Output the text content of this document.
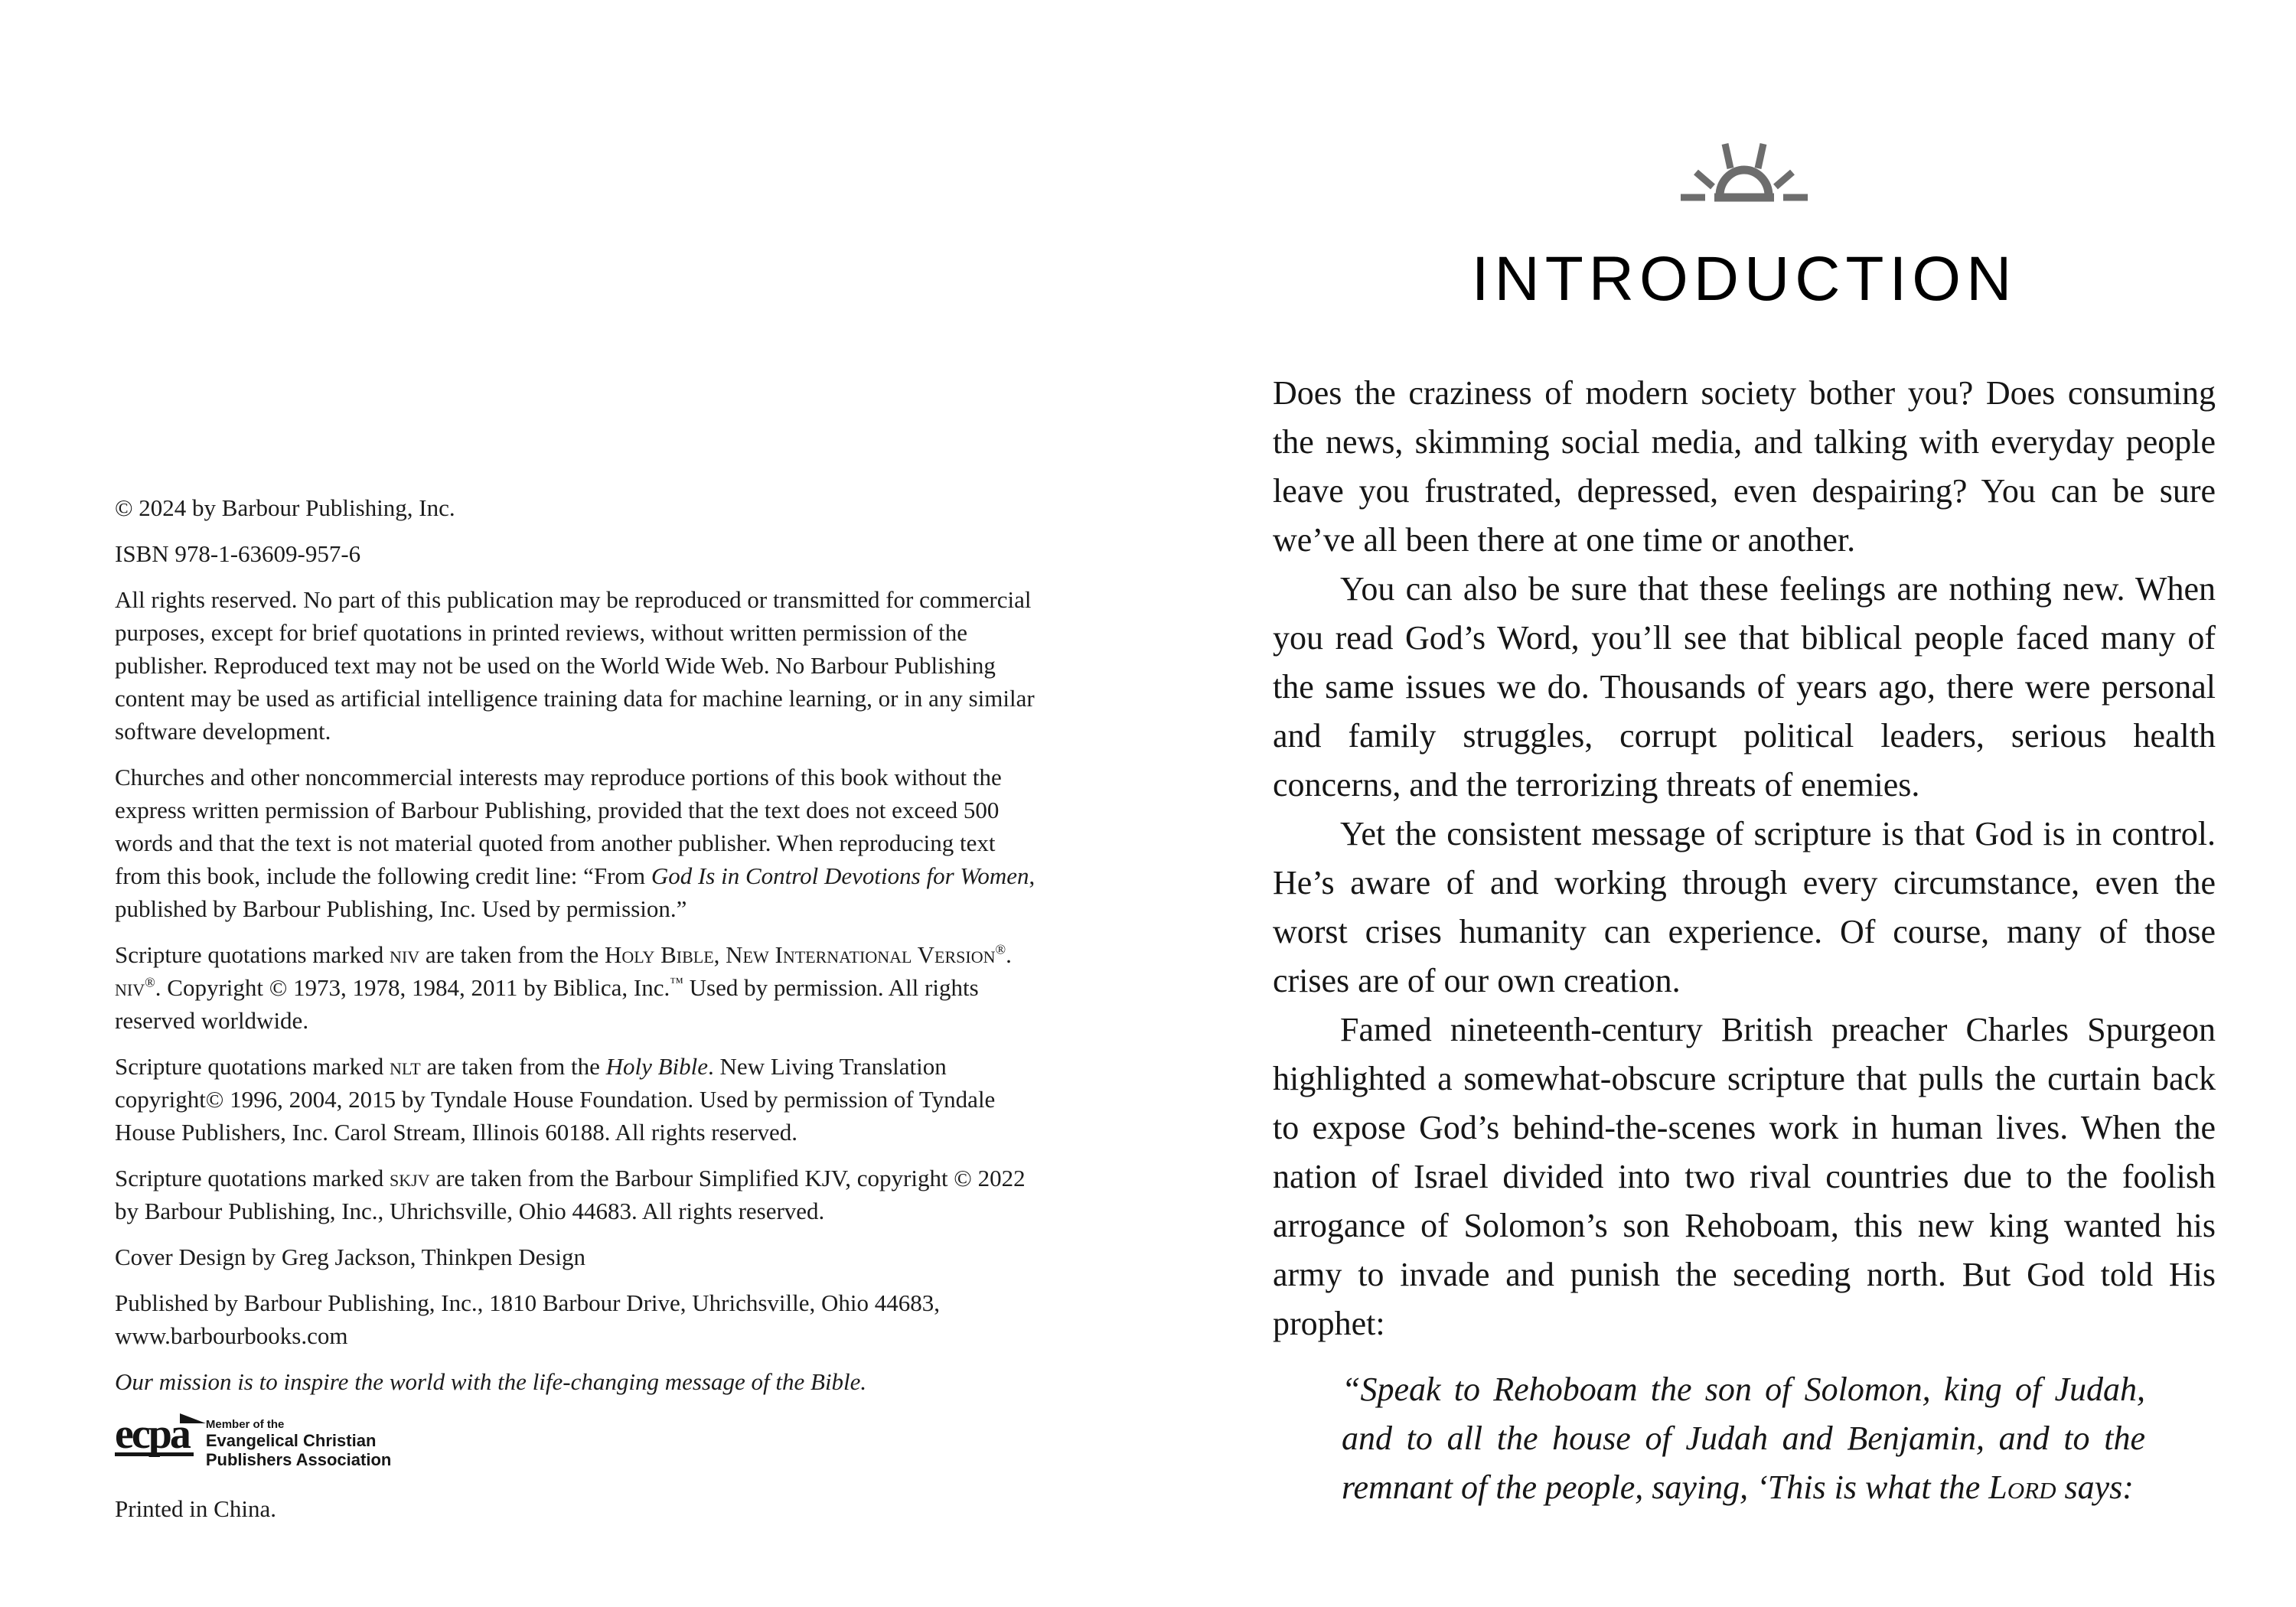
© 2024 by Barbour Publishing, Inc.

ISBN 978-1-63609-957-6

All rights reserved. No part of this publication may be reproduced or transmitted for commercial purposes, except for brief quotations in printed reviews, without written permission of the publisher. Reproduced text may not be used on the World Wide Web. No Barbour Publishing content may be used as artificial intelligence training data for machine learning, or in any similar software development.

Churches and other noncommercial interests may reproduce portions of this book without the express written permission of Barbour Publishing, provided that the text does not exceed 500 words and that the text is not material quoted from another publisher. When reproducing text from this book, include the following credit line: “From God Is in Control Devotions for Women, published by Barbour Publishing, Inc. Used by permission.”

Scripture quotations marked niv are taken from the Holy Bible, New International Version®. niv®. Copyright © 1973, 1978, 1984, 2011 by Biblica, Inc.™ Used by permission. All rights reserved worldwide.

Scripture quotations marked nlt are taken from the Holy Bible. New Living Translation copyright© 1996, 2004, 2015 by Tyndale House Foundation. Used by permission of Tyndale House Publishers, Inc. Carol Stream, Illinois 60188. All rights reserved.

Scripture quotations marked skjv are taken from the Barbour Simplified KJV, copyright © 2022 by Barbour Publishing, Inc., Uhrichsville, Ohio 44683. All rights reserved.

Cover Design by Greg Jackson, Thinkpen Design

Published by Barbour Publishing, Inc., 1810 Barbour Drive, Uhrichsville, Ohio 44683, www.barbourbooks.com

Our mission is to inspire the world with the life-changing message of the Bible.

ecpa	Member of the
Evangelical Christian
Publishers Association

Printed in China.

INTRODUCTION

Does the craziness of modern society bother you? Does consuming the news, skimming social media, and talking with everyday people leave you frustrated, depressed, even despairing? You can be sure we’ve all been there at one time or another.

You can also be sure that these feelings are nothing new. When you read God’s Word, you’ll see that biblical people faced many of the same issues we do. Thousands of years ago, there were personal and family struggles, corrupt political leaders, serious health concerns, and the terrorizing threats of enemies.

Yet the consistent message of scripture is that God is in control. He’s aware of and working through every circumstance, even the worst crises humanity can experience. Of course, many of those crises are of our own creation.

Famed nineteenth-century British preacher Charles Spurgeon highlighted a somewhat-obscure scripture that pulls the curtain back to expose God’s behind-the-scenes work in human lives. When the nation of Israel divided into two rival countries due to the foolish arrogance of Solomon’s son Rehoboam, this new king wanted his army to invade and punish the seceding north. But God told His prophet:

“Speak to Rehoboam the son of Solomon, king of Judah, and to all the house of Judah and Benjamin, and to the remnant of the people, saying, ‘This is what the Lord says:
